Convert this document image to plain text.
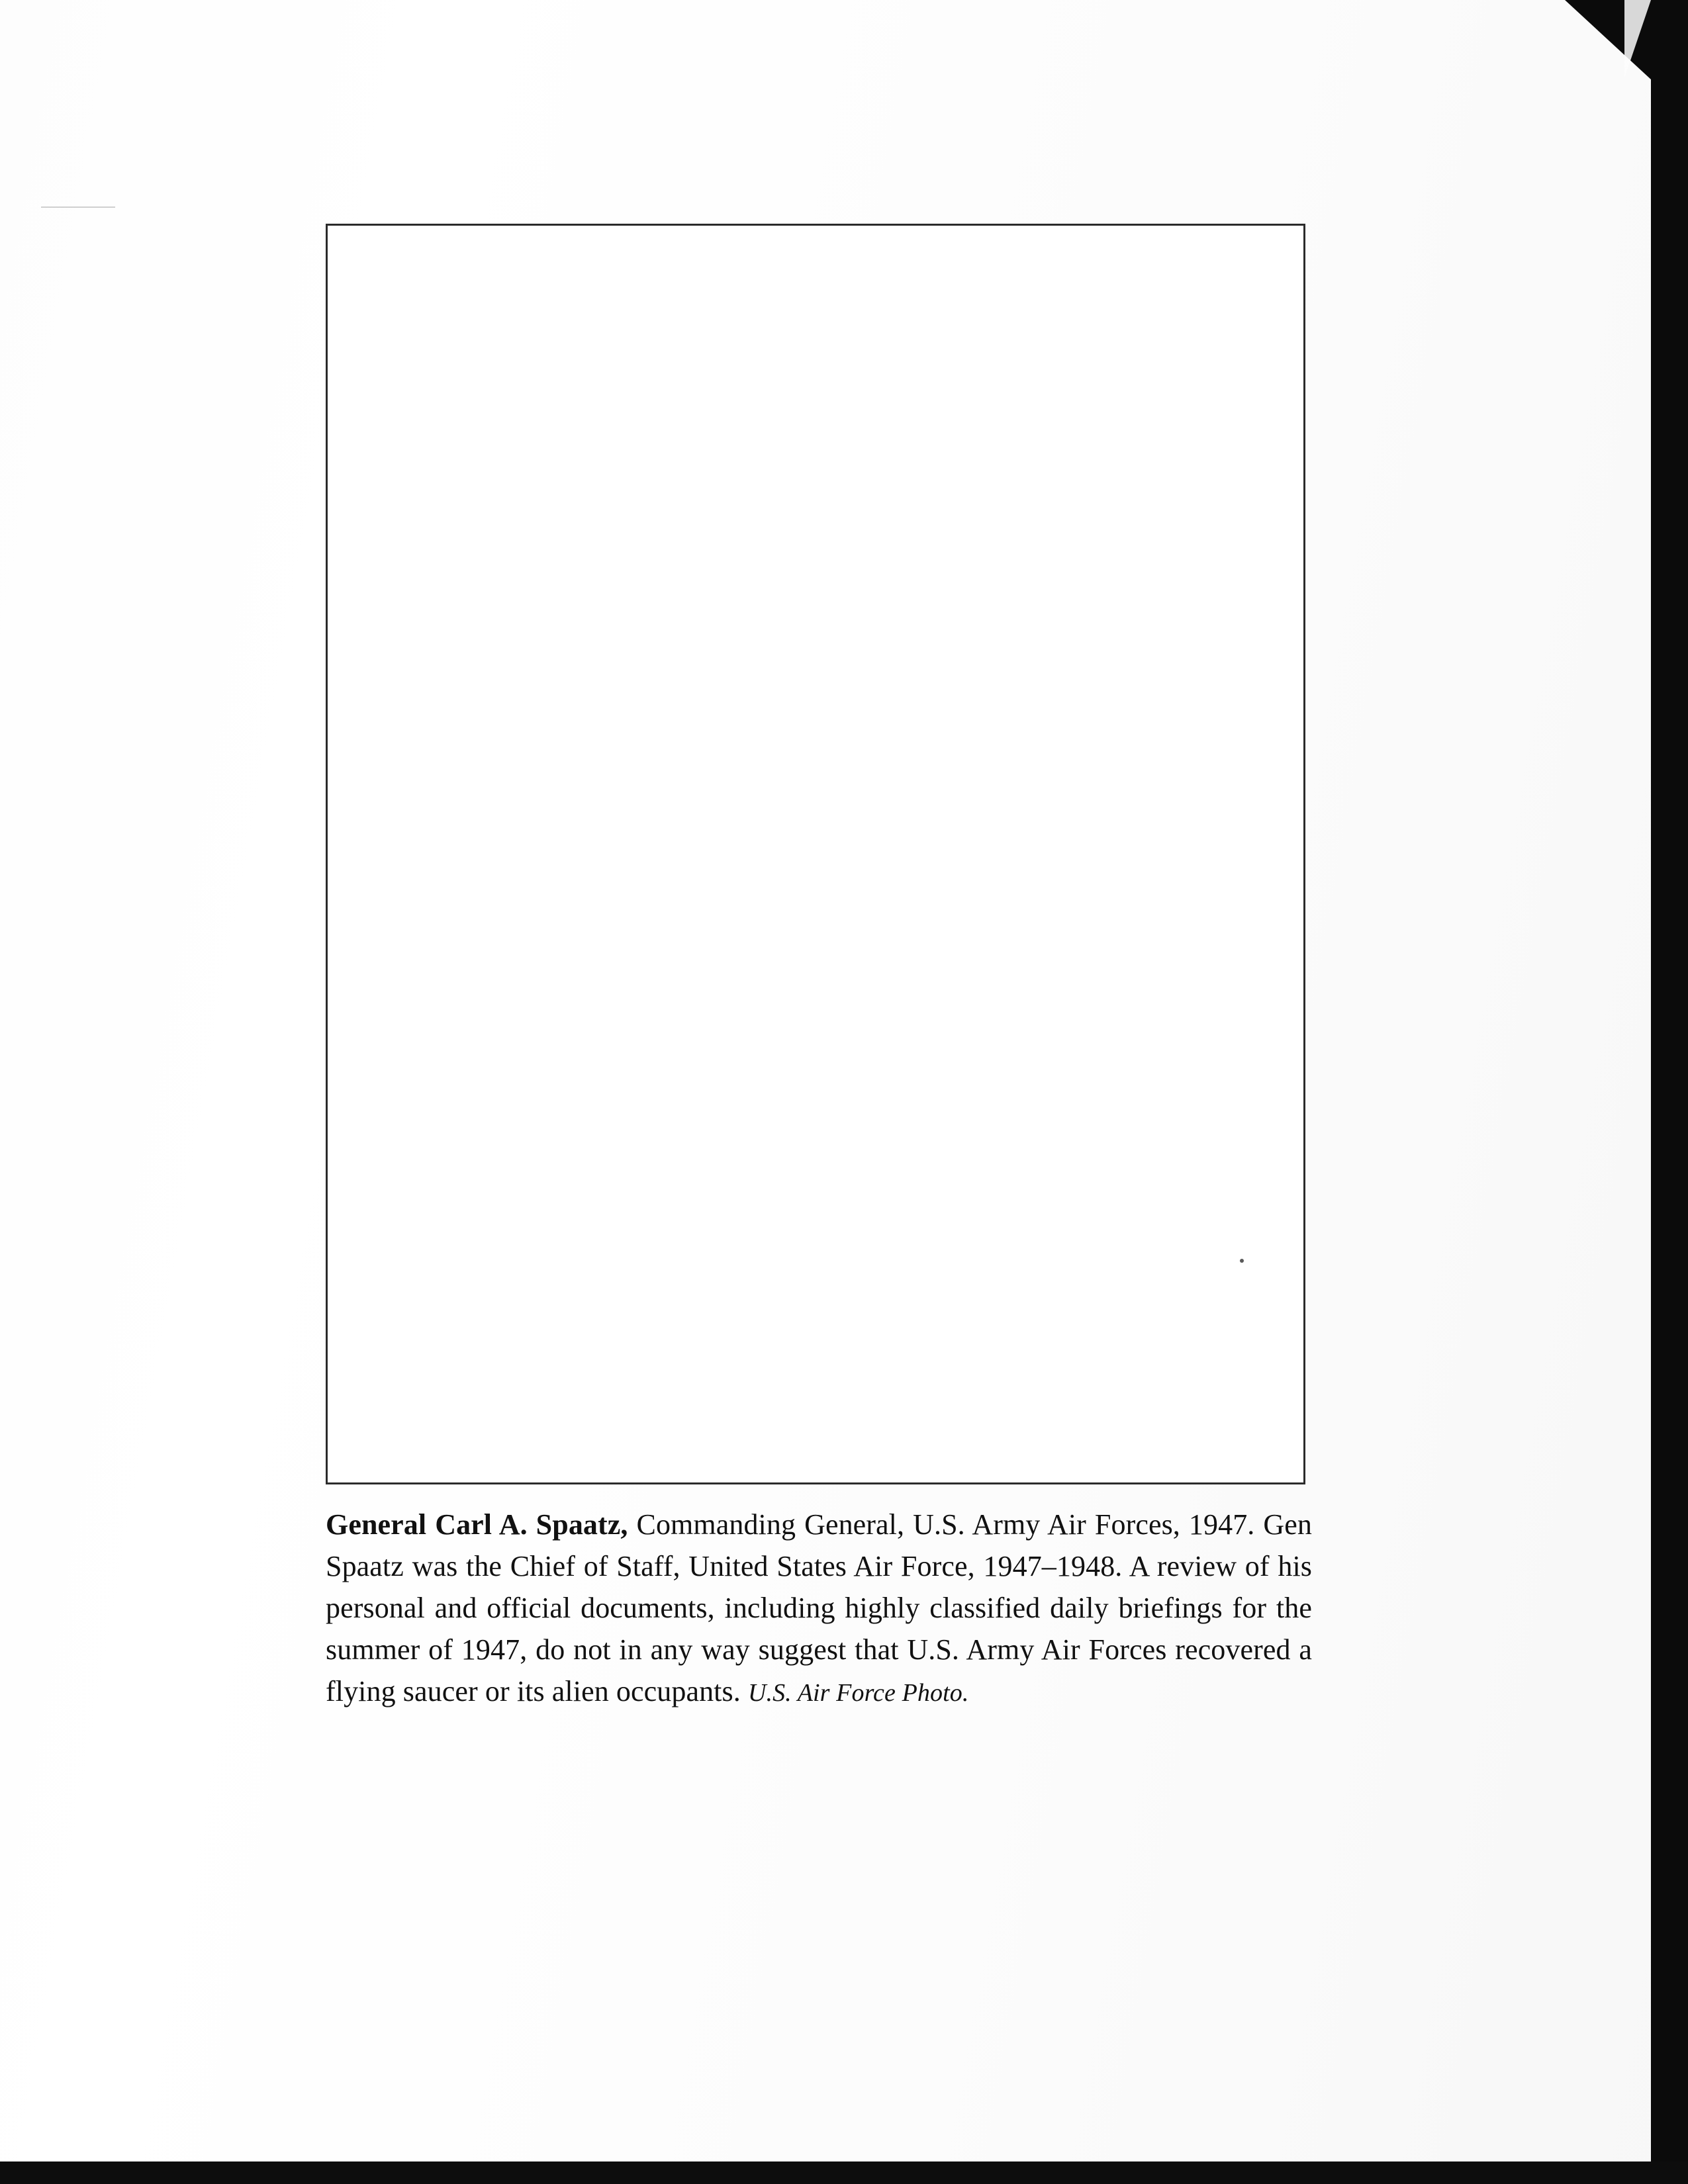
General Carl A. Spaatz, Commanding General, U.S. Army Air Forces, 1947. Gen Spaatz was the Chief of Staff, United States Air Force, 1947–1948. A review of his personal and official documents, including highly classified daily briefings for the summer of 1947, do not in any way suggest that U.S. Army Air Forces recovered a flying saucer or its alien occupants. U.S. Air Force Photo.
